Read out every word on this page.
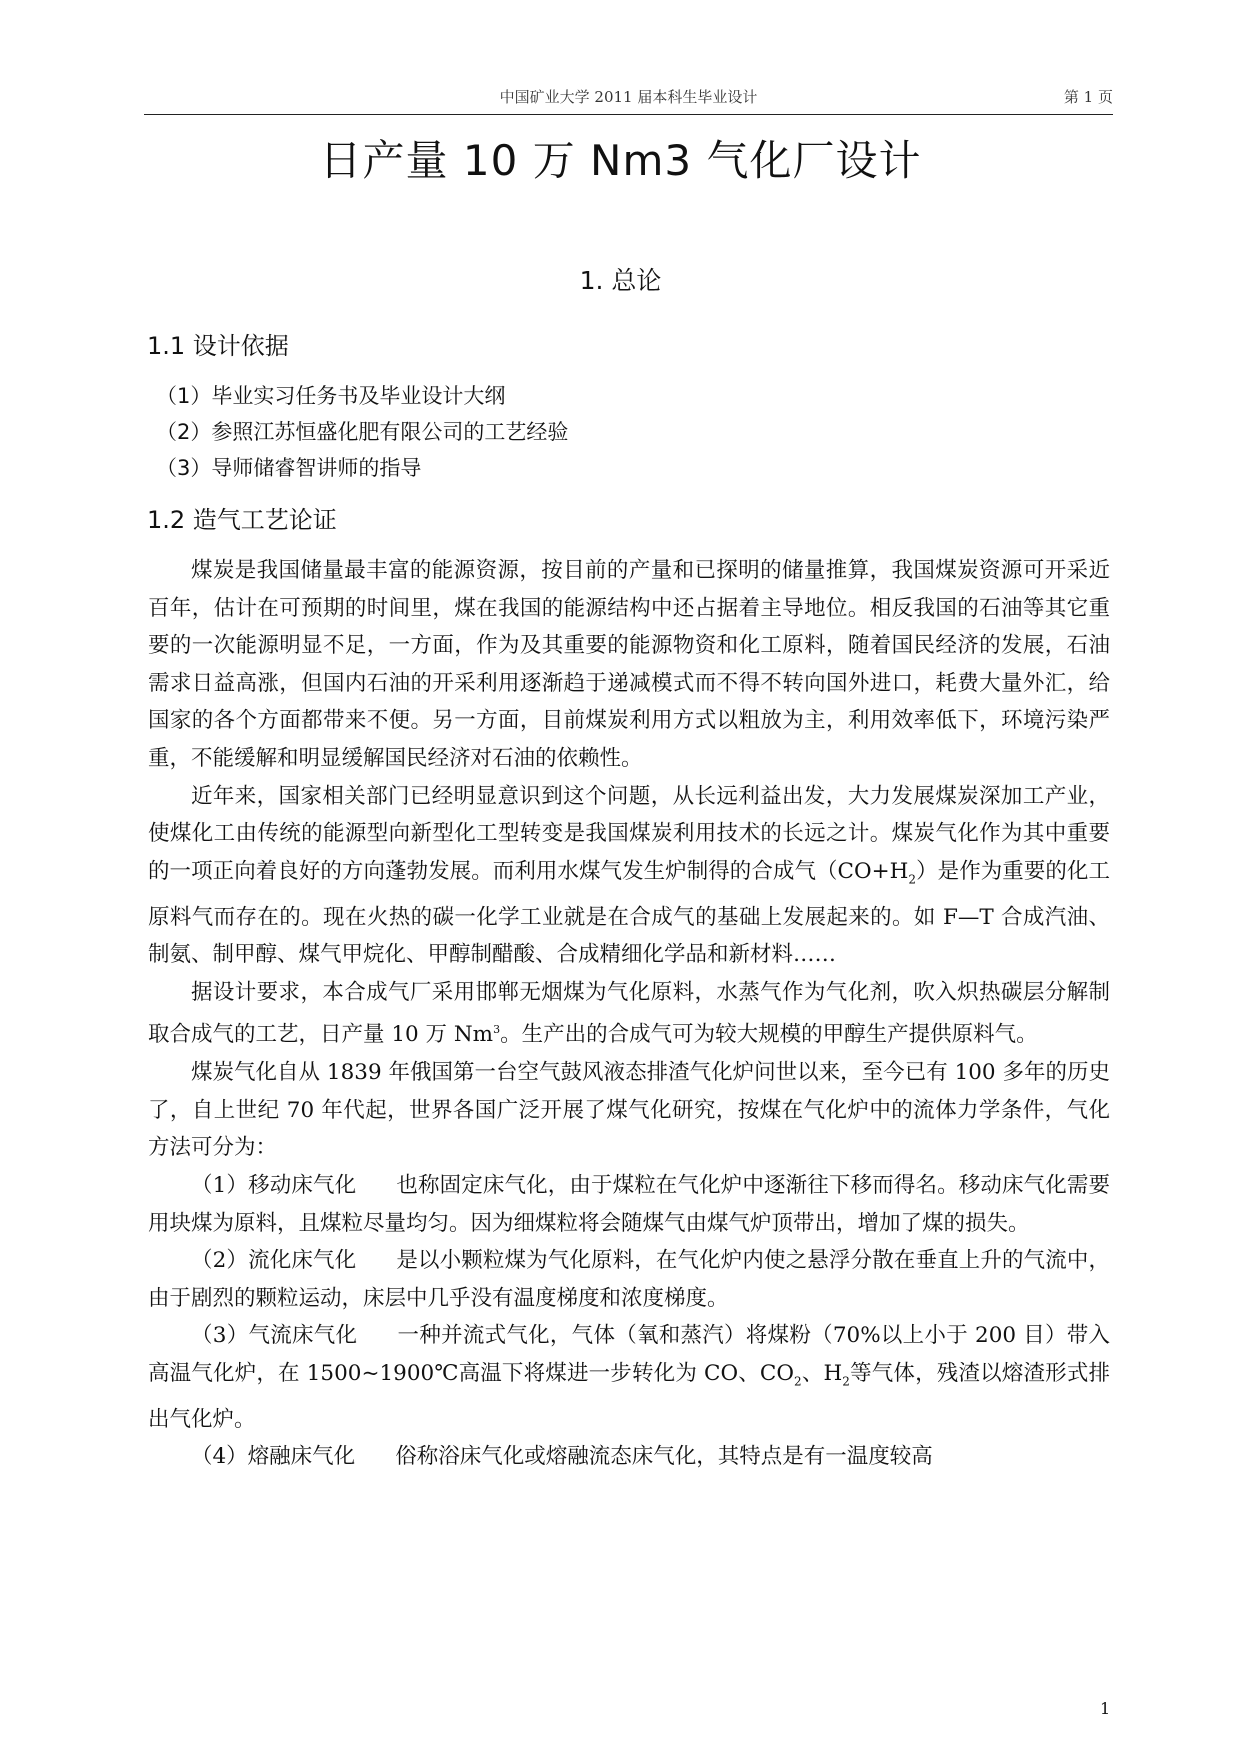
中国矿业大学 2011 届本科生毕业设计	第 1 页
日产量 10 万 Nm3 气化厂设计
1. 总论
1.1 设计依据
（1）毕业实习任务书及毕业设计大纲
（2）参照江苏恒盛化肥有限公司的工艺经验
（3）导师储睿智讲师的指导
1.2 造气工艺论证

煤炭是我国储量最丰富的能源资源，按目前的产量和已探明的储量推算，我国煤炭资源可开采近百年，估计在可预期的时间里，煤在我国的能源结构中还占据着主导地位。相反我国的石油等其它重要的一次能源明显不足，一方面，作为及其重要的能源物资和化工原料，随着国民经济的发展，石油需求日益高涨，但国内石油的开采利用逐渐趋于递减模式而不得不转向国外进口，耗费大量外汇，给国家的各个方面都带来不便。另一方面，目前煤炭利用方式以粗放为主，利用效率低下，环境污染严重，不能缓解和明显缓解国民经济对石油的依赖性。

近年来，国家相关部门已经明显意识到这个问题，从长远利益出发，大力发展煤炭深加工产业，使煤化工由传统的能源型向新型化工型转变是我国煤炭利用技术的长远之计。煤炭气化作为其中重要的一项正向着良好的方向蓬勃发展。而利用水煤气发生炉制得的合成气$(CO+H_2)$是作为重要的化工原料气而存在的。现在火热的碳一化学工业就是在合成气的基础上发展起来的。如 F—T 合成汽油、制氨、制甲醇、煤气甲烷化、甲醇制醋酸、合成精细化学品和新材料……

据设计要求，本合成气厂采用邯郸无烟煤为气化原料，水蒸气作为气化剂，吹入炽热碳层分解制取合成气的工艺，日产量 10 万 Nm$^3$。生产出的合成气可为较大规模的甲醇生产提供原料气。

煤炭气化自从 1839 年俄国第一台空气鼓风液态排渣气化炉问世以来，至今已有 100 多年的历史了，自上世纪 70 年代起，世界各国广泛开展了煤气化研究，按煤在气化炉中的流体力学条件，气化方法可分为：

（1）移动床气化 也称固定床气化，由于煤粒在气化炉中逐渐往下移而得名。移动床气化需要用块煤为原料，且煤粒尽量均匀。因为细煤粒将会随煤气由煤气炉顶带出，增加了煤的损失。

（2）流化床气化 是以小颗粒煤为气化原料，在气化炉内使之悬浮分散在垂直上升的气流中，由于剧烈的颗粒运动，床层中几乎没有温度梯度和浓度梯度。

（3）气流床气化 一种并流式气化，气体（氧和蒸汽）将煤粉（70%以上小于 200 目）带入高温气化炉，在 1500~1900℃高温下将煤进一步转化为 CO、$CO_2$、$H_2$等气体，残渣以熔渣形式排出气化炉。

（4）熔融床气化 俗称浴床气化或熔融流态床气化，其特点是有一温度较高

1
